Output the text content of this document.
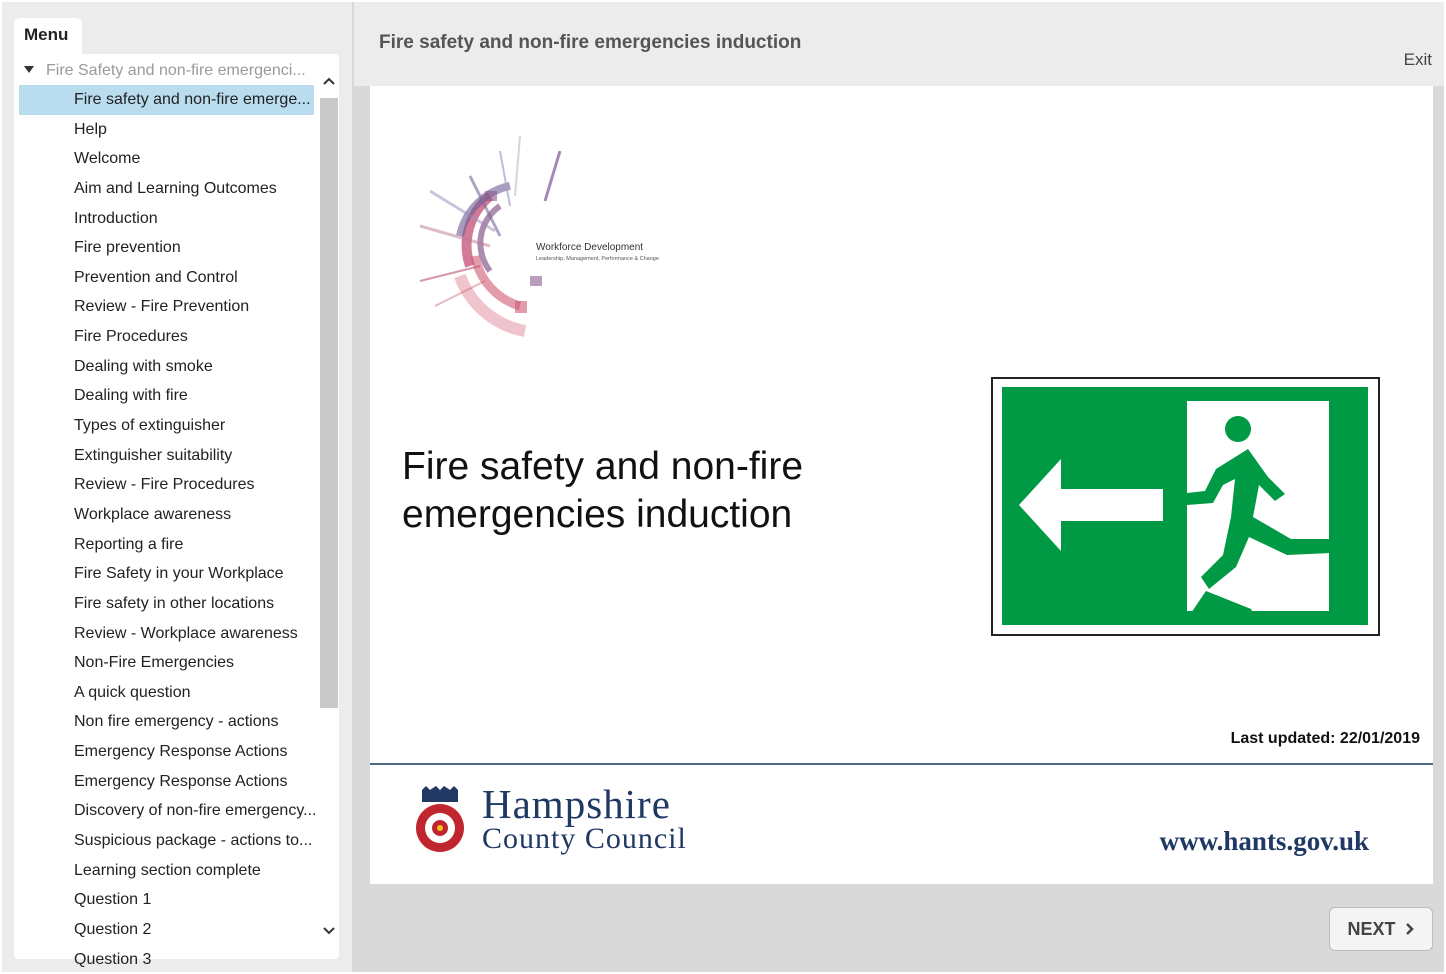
Menu
Fire Safety and non-fire emergenci...
Fire safety and non-fire emerge...
Help
Welcome
Aim and Learning Outcomes
Introduction
Fire prevention
Prevention and Control
Review - Fire Prevention
Fire Procedures
Dealing with smoke
Dealing with fire
Types of extinguisher
Extinguisher suitability
Review - Fire Procedures
Workplace awareness
Reporting a fire
Fire Safety in your Workplace
Fire safety in other locations
Review - Workplace awareness
Non-Fire Emergencies
A quick question
Non fire emergency - actions
Emergency Response Actions
Emergency Response Actions
Discovery of non-fire emergency...
Suspicious package - actions to...
Learning section complete
Question 1
Question 2
Question 3
Fire safety and non-fire emergencies induction
Exit
Workforce Development
Leadership, Management, Performance & Change
Fire safety and non-fire emergencies induction
Last updated: 22/01/2019
Hampshire
County Council	www.hants.gov.uk
NEXT
